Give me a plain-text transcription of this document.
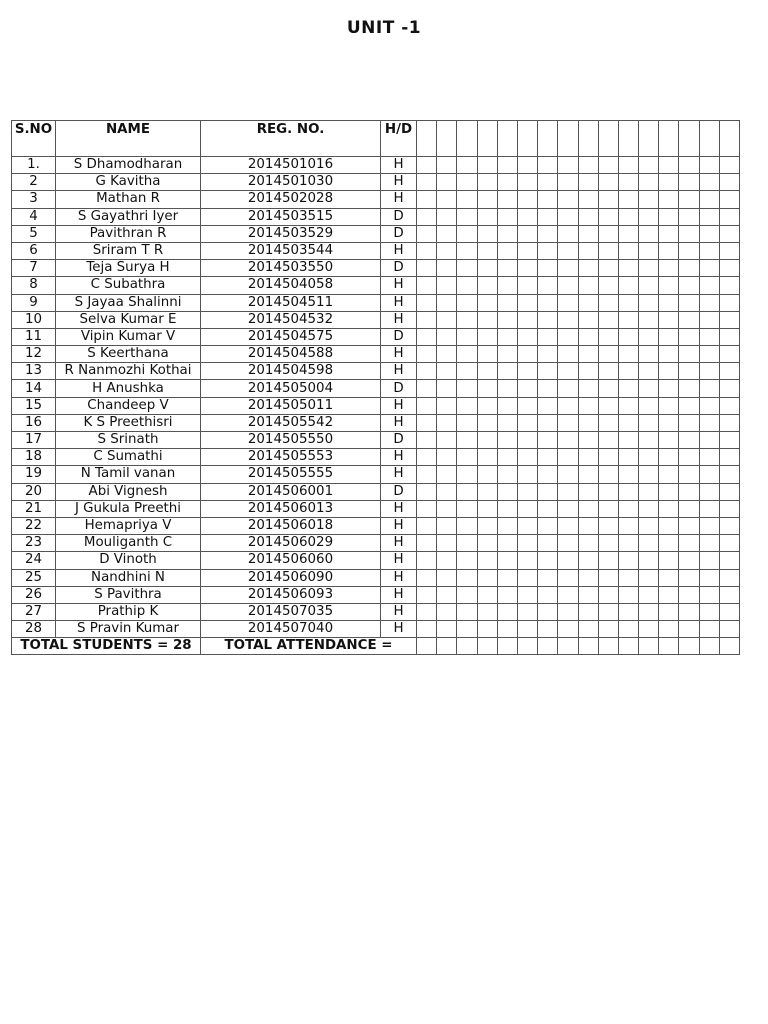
UNIT -1
S.NO	NAME	REG. NO.	H/D																
1.	S Dhamodharan	2014501016	H																
2	G Kavitha	2014501030	H																
3	Mathan R	2014502028	H																
4	S Gayathri Iyer	2014503515	D																
5	Pavithran R	2014503529	D																
6	Sriram T R	2014503544	H																
7	Teja Surya H	2014503550	D																
8	C Subathra	2014504058	H																
9	S Jayaa Shalinni	2014504511	H																
10	Selva Kumar E	2014504532	H																
11	Vipin Kumar V	2014504575	D																
12	S Keerthana	2014504588	H																
13	R Nanmozhi Kothai	2014504598	H																
14	H Anushka	2014505004	D																
15	Chandeep V	2014505011	H																
16	K S Preethisri	2014505542	H																
17	S Srinath	2014505550	D																
18	C Sumathi	2014505553	H																
19	N Tamil vanan	2014505555	H																
20	Abi Vignesh	2014506001	D																
21	J Gukula Preethi	2014506013	H																
22	Hemapriya V	2014506018	H																
23	Mouliganth C	2014506029	H																
24	D Vinoth	2014506060	H																
25	Nandhini N	2014506090	H																
26	S Pavithra	2014506093	H																
27	Prathip K	2014507035	H																
28	S Pravin Kumar	2014507040	H																
TOTAL STUDENTS = 28		TOTAL ATTENDANCE =																	
